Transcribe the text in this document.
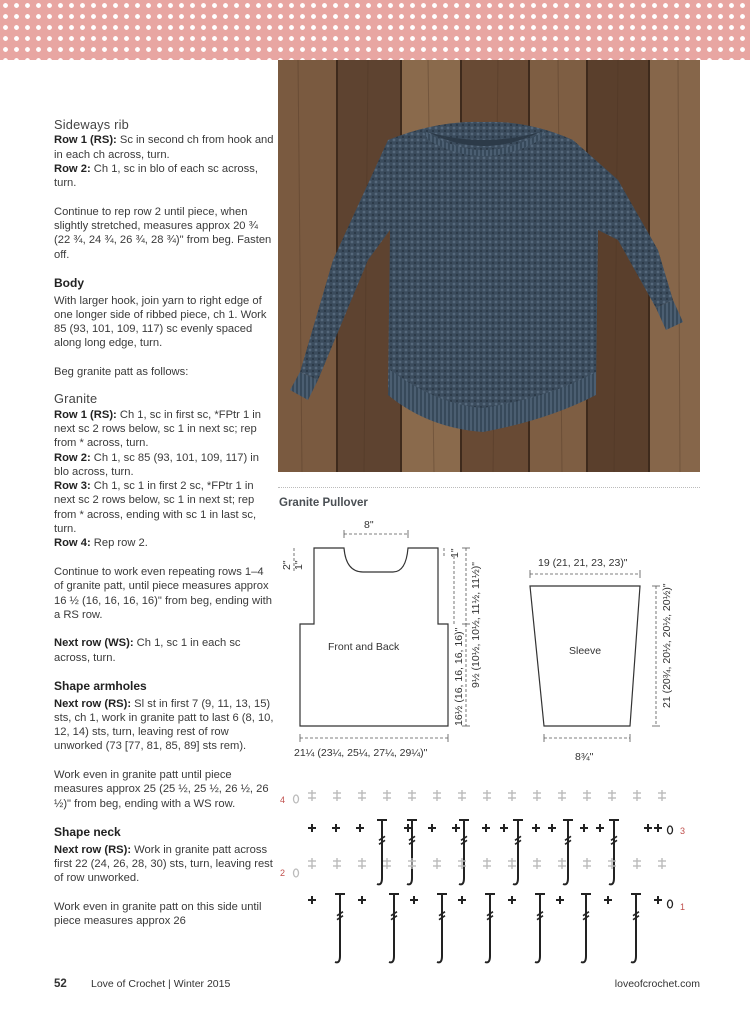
Sideways rib

Row 1 (RS): Sc in second ch from hook and in each ch across, turn.
Row 2: Ch 1, sc in blo of each sc across, turn.

Continue to rep row 2 until piece, when slightly stretched, measures approx 20 ¾ (22 ¾, 24 ¾, 26 ¾, 28 ¾)" from beg. Fasten off.

Body

With larger hook, join yarn to right edge of one longer side of ribbed piece, ch 1. Work 85 (93, 101, 109, 117) sc evenly spaced along long edge, turn.

Beg granite patt as follows:

Granite

Row 1 (RS): Ch 1, sc in first sc, *FPtr 1 in next sc 2 rows below, sc 1 in next sc; rep from * across, turn.
Row 2: Ch 1, sc 85 (93, 101, 109, 117) in blo across, turn.
Row 3: Ch 1, sc 1 in first 2 sc, *FPtr 1 in next sc 2 rows below, sc 1 in next st; rep from * across, ending with sc 1 in last sc, turn.
Row 4: Rep row 2.

Continue to work even repeating rows 1–4 of granite patt, until piece measures approx 16 ½ (16, 16, 16, 16)" from beg, ending with a RS row.

Next row (WS): Ch 1, sc 1 in each sc across, turn.

Shape armholes

Next row (RS): Sl st in first 7 (9, 11, 13, 15) sts, ch 1, work in granite patt to last 6 (8, 10, 12, 14) sts, turn, leaving rest of row unworked (73 [77, 81, 85, 89] sts rem).

Work even in granite patt until piece measures approx 25 (25 ½, 25 ½, 26 ½, 26 ½)" from beg, ending with a WS row.

Shape neck

Next row (RS): Work in granite patt across first 22 (24, 26, 28, 30) sts, turn, leaving rest of row unworked.

Work even in granite patt on this side until piece measures approx 26

Granite Pullover
Front and Back
8"
1"
2"
1"
9½ (10½, 10½, 11½, 11½)"
16½ (16, 16, 16, 16)"
21¼ (23¼, 25¼, 27¼, 29¼)"
Sleeve
19 (21, 21, 23, 23)"
21 (20¾, 20½, 20½, 20½)"
8¾"
4
3
2
1
52 Love of Crochet | Winter 2015	loveofcrochet.com
